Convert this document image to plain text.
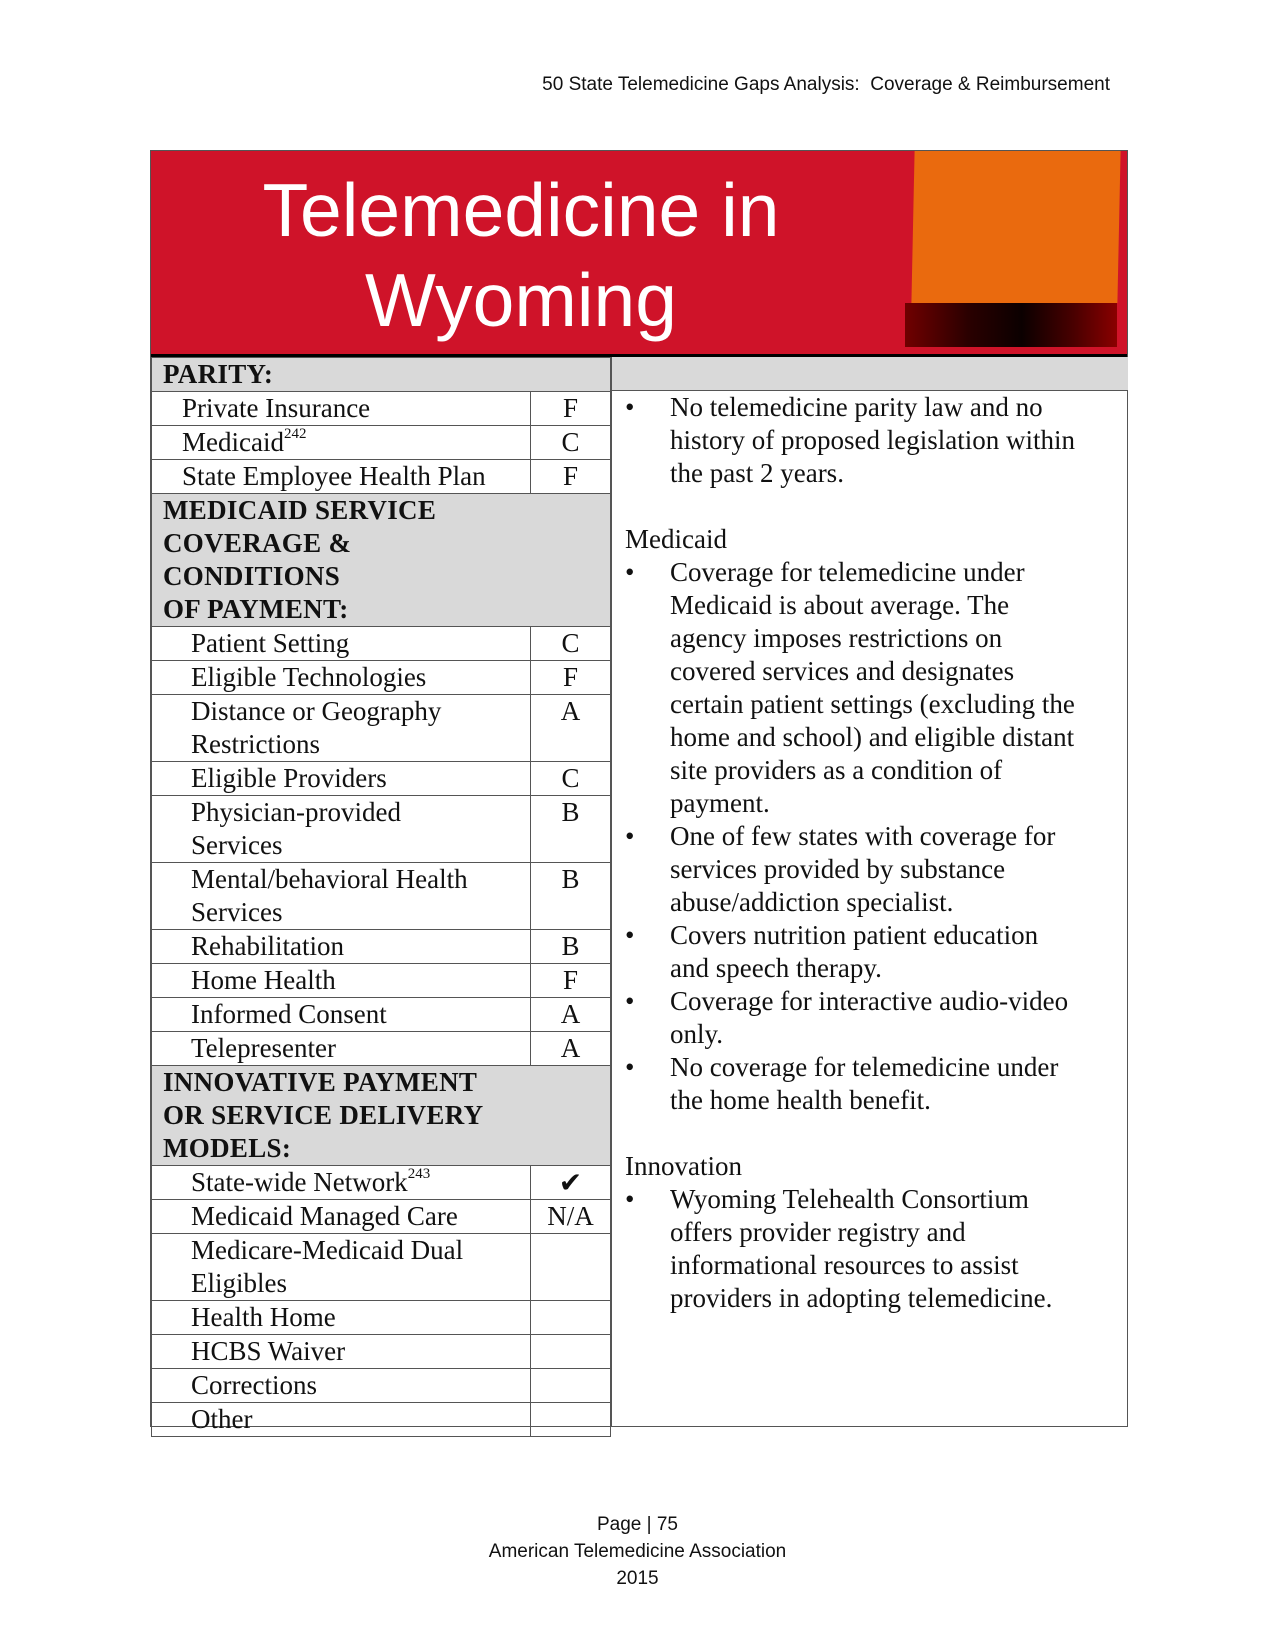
50 State Telemedicine Gaps Analysis:  Coverage & Reimbursement
Telemedicine in
Wyoming
PARITY:	
Private Insurance	F
Medicaid$^{242}$	C
State Employee Health Plan	F

MEDICAID SERVICE
COVERAGE & CONDITIONS
OF PAYMENT:	

Patient Setting	C
Eligible Technologies	F

Distance or Geography
Restrictions	A
Eligible Providers	C

Physician-provided
Services	B

Mental/behavioral Health
Services	B
Rehabilitation	B
Home Health	F
Informed Consent	A
Telepresenter	A

INNOVATIVE PAYMENT
OR SERVICE DELIVERY
MODELS:	

State-wide Network$^{243}$	✔
Medicaid Managed Care	N/A

Medicare-Medicaid Dual
Eligibles	

Health Home	
HCBS Waiver	
Corrections	
Other	
• No telemedicine parity law and no
history of proposed legislation within
the past 2 years.
Medicaid
• Coverage for telemedicine under
Medicaid is about average. The
agency imposes restrictions on
covered services and designates
certain patient settings (excluding the
home and school) and eligible distant
site providers as a condition of
payment.
• One of few states with coverage for
services provided by substance
abuse/addiction specialist.
• Covers nutrition patient education
and speech therapy.
• Coverage for interactive audio-video
only.
• No coverage for telemedicine under
the home health benefit.
Innovation
• Wyoming Telehealth Consortium
offers provider registry and
informational resources to assist
providers in adopting telemedicine.
Page | 75
American Telemedicine Association
2015
